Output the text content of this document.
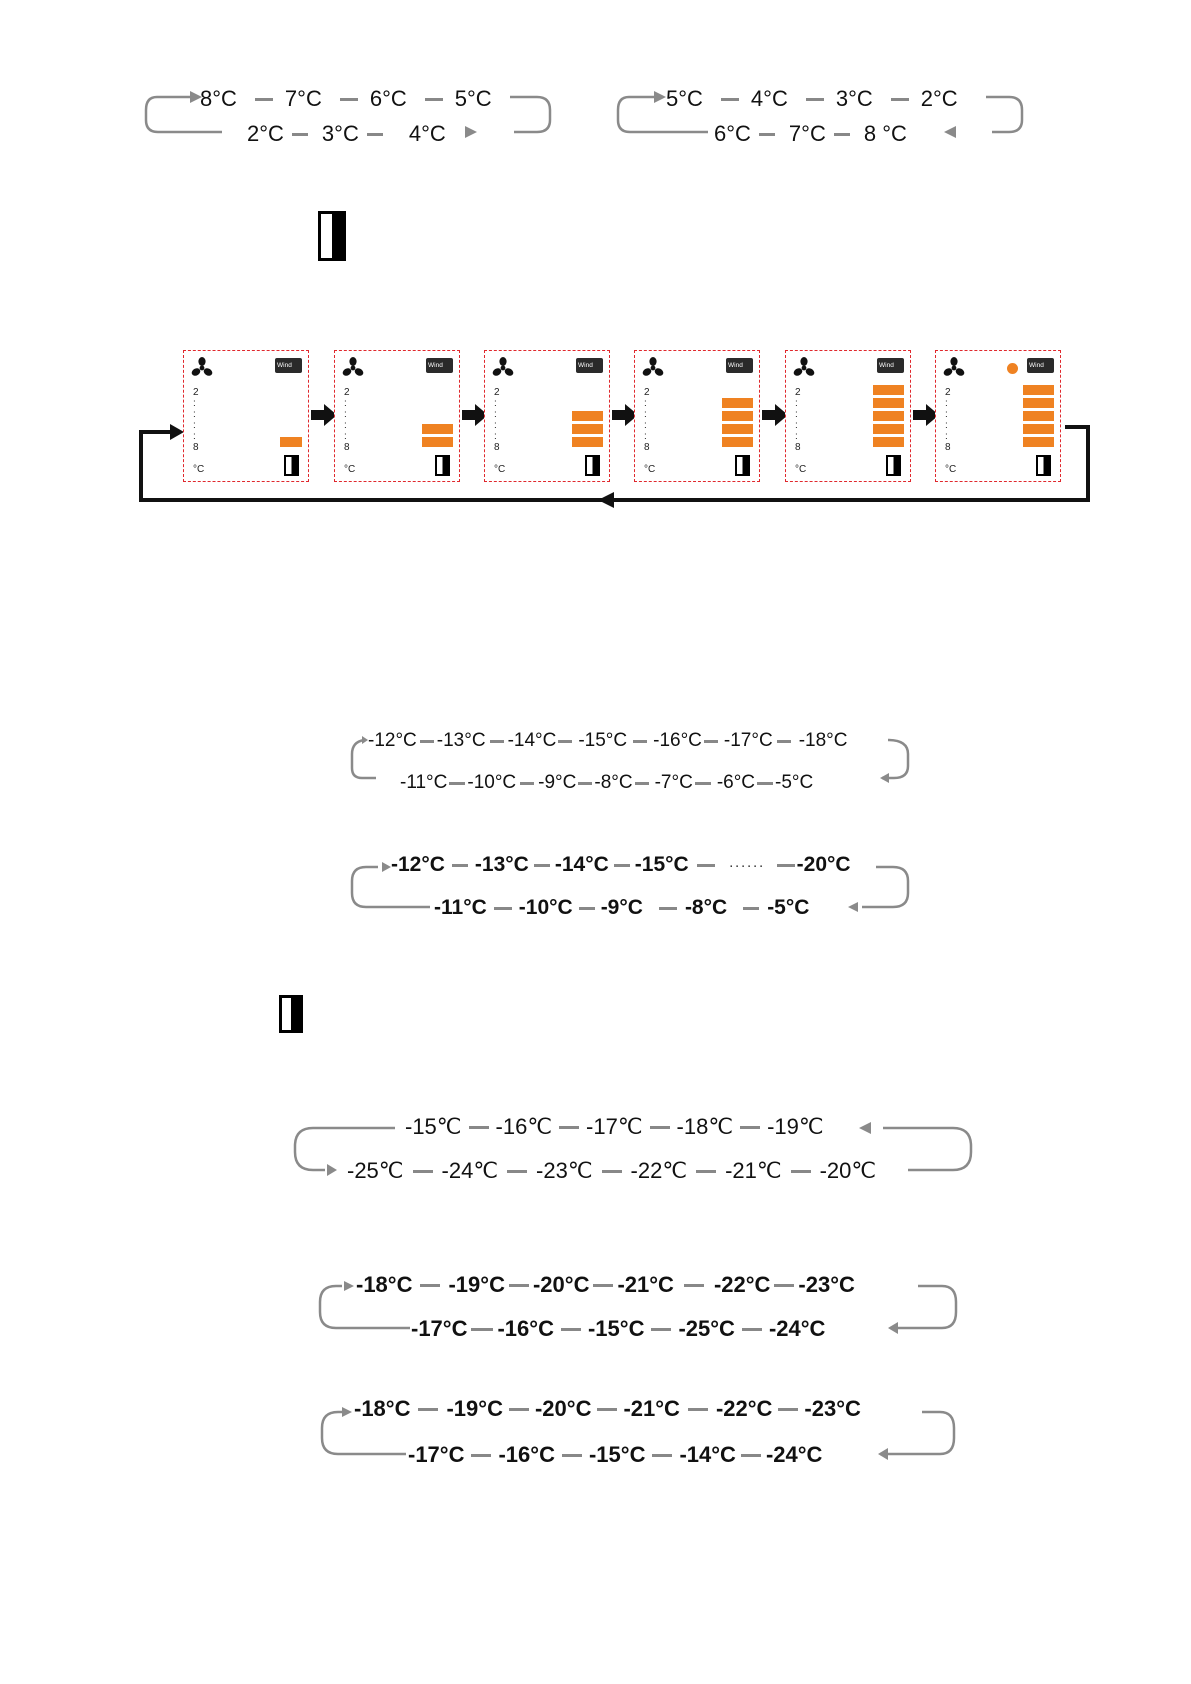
8°C 7°C 6°C 5°C
2°C 3°C 4°C
5°C 4°C 3°C 2°C
6°C 7°C 8 °C
Wind
2
:
:
:
:
8
°C
Wind
2
:
:
:
:
8
°C
Wind
2
:
:
:
:
8
°C
Wind
2
:
:
:
:
8
°C
Wind
2
:
:
:
:
8
°C
Wind
2
:
:
:
:
8
°C
-12°C -13°C -14°C -15°C -16°C -17°C -18°C
-11°C -10°C -9°C -8°C -7°C -6°C -5°C
-12°C -13°C -14°C -15°C	······ -20°C
-11°C -10°C -9°C -8°C -5°C
-15℃ -16℃ -17℃ -18℃ -19℃
-25℃ -24℃ -23℃ -22℃ -21℃ -20℃
-18°C -19°C -20°C -21°C -22°C -23°C
-17°C -16°C -15°C -25°C -24°C
-18°C -19°C -20°C -21°C -22°C -23°C
-17°C -16°C -15°C -14°C -24°C
